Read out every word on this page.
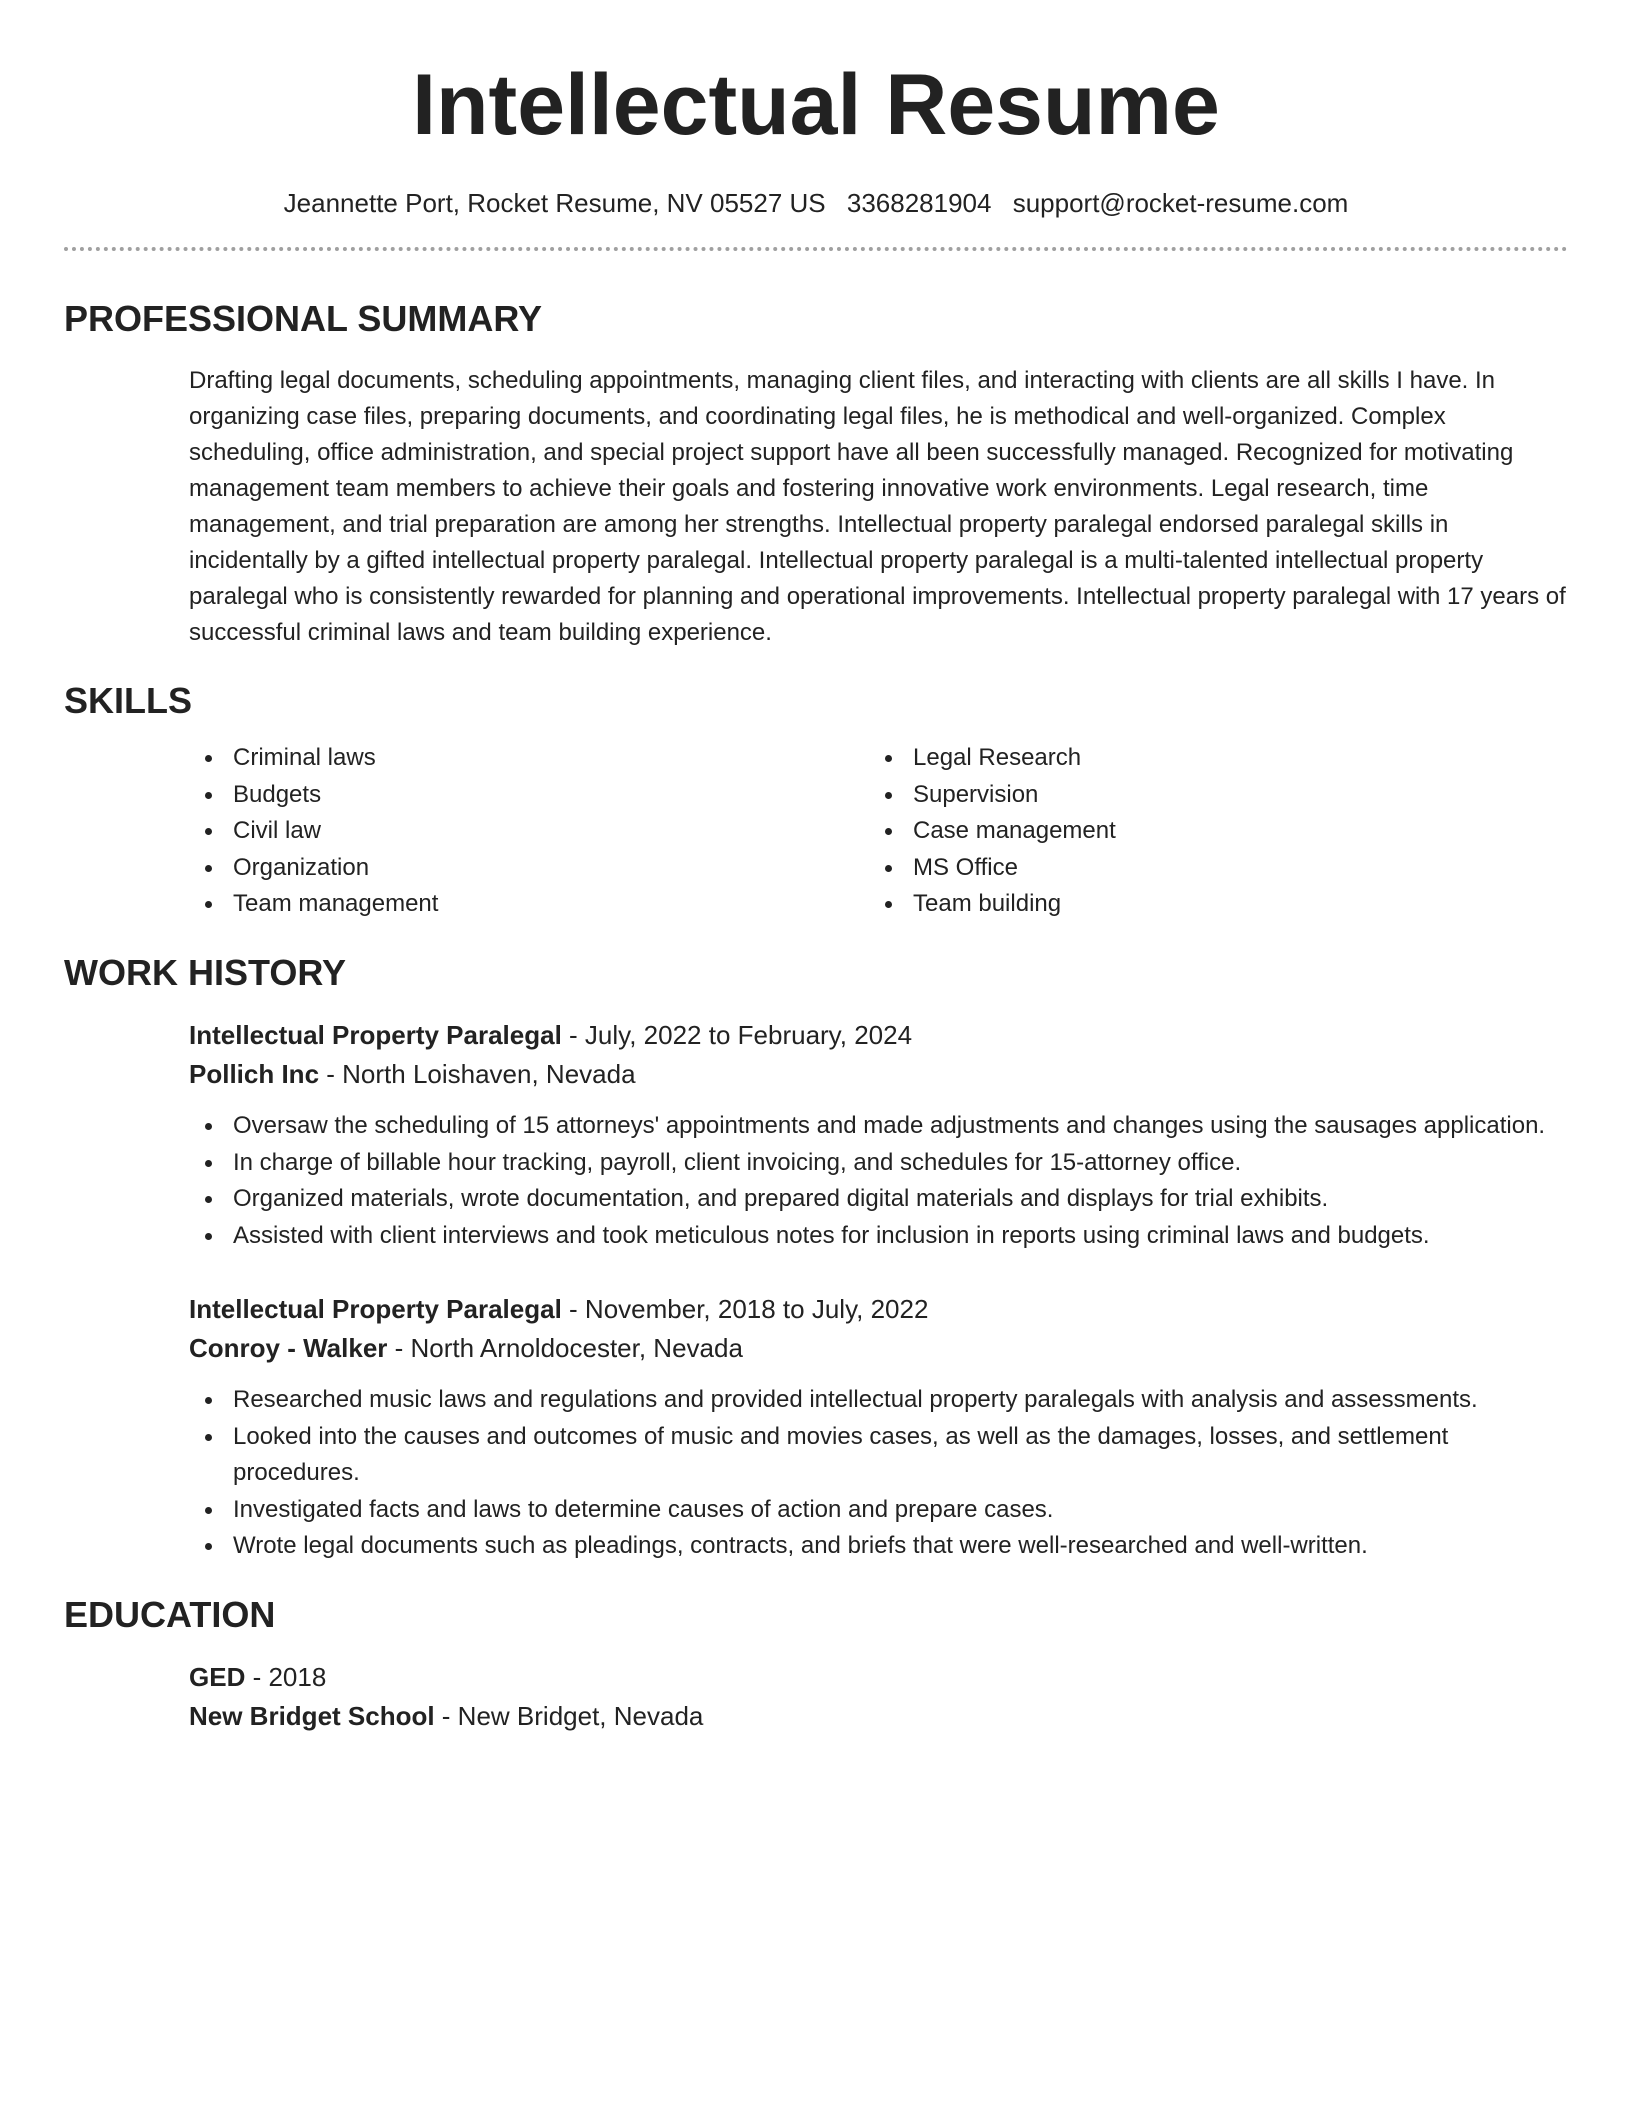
Intellectual Resume
Jeannette Port, Rocket Resume, NV 05527 US 3368281904 support@rocket-resume.com
PROFESSIONAL SUMMARY

Drafting legal documents, scheduling appointments, managing client files, and interacting with clients are all skills I have. In organizing case files, preparing documents, and coordinating legal files, he is methodical and well-organized. Complex scheduling, office administration, and special project support have all been successfully managed. Recognized for motivating management team members to achieve their goals and fostering innovative work environments. Legal research, time management, and trial preparation are among her strengths. Intellectual property paralegal endorsed paralegal skills in incidentally by a gifted intellectual property paralegal. Intellectual property paralegal is a multi-talented intellectual property paralegal who is consistently rewarded for planning and operational improvements. Intellectual property paralegal with 17 years of successful criminal laws and team building experience.

SKILLS
Criminal laws
Budgets
Civil law
Organization
Team management
Legal Research
Supervision
Case management
MS Office
Team building
WORK HISTORY
Intellectual Property Paralegal - July, 2022 to February, 2024
Pollich Inc - North Loishaven, Nevada
Oversaw the scheduling of 15 attorneys' appointments and made adjustments and changes using the sausages application.
In charge of billable hour tracking, payroll, client invoicing, and schedules for 15-attorney office.
Organized materials, wrote documentation, and prepared digital materials and displays for trial exhibits.
Assisted with client interviews and took meticulous notes for inclusion in reports using criminal laws and budgets.
Intellectual Property Paralegal - November, 2018 to July, 2022
Conroy - Walker - North Arnoldocester, Nevada
Researched music laws and regulations and provided intellectual property paralegals with analysis and assessments.
Looked into the causes and outcomes of music and movies cases, as well as the damages, losses, and settlement procedures.
Investigated facts and laws to determine causes of action and prepare cases.
Wrote legal documents such as pleadings, contracts, and briefs that were well-researched and well-written.
EDUCATION
GED - 2018
New Bridget School - New Bridget, Nevada
